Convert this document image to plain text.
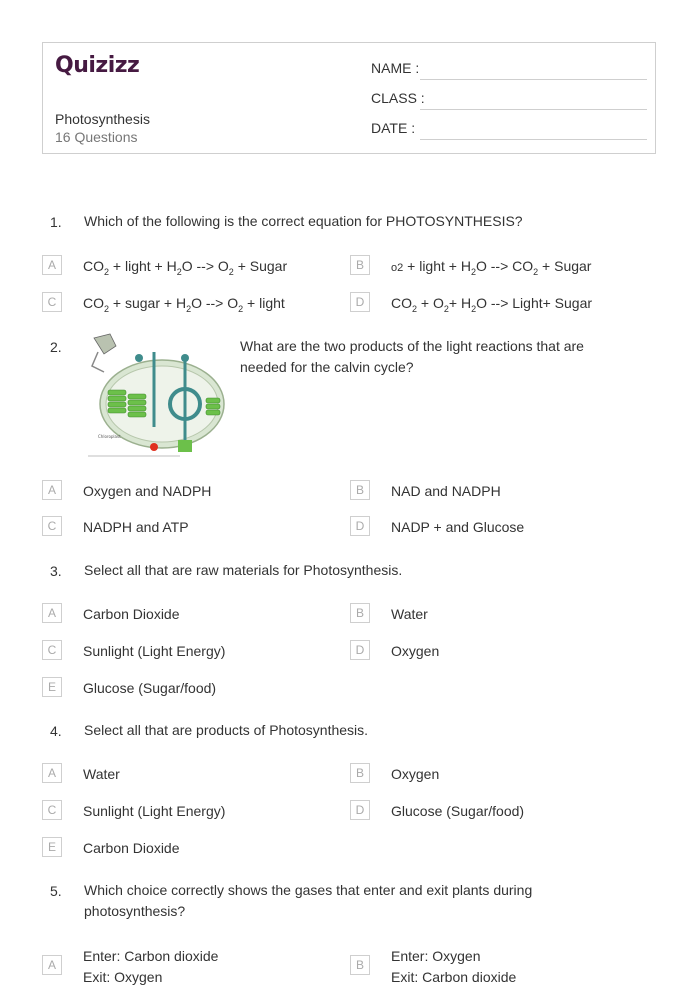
Quizizz
Photosynthesis
16 Questions
NAME :
CLASS :
DATE :
1. Which of the following is the correct equation for PHOTOSYNTHESIS?
A	$CO_2$ + light + $H_2O$ --> $O_2$ + Sugar	B	o2 + light + $H_2O$ --> $CO_2$ + Sugar
C	$CO_2$ + sugar + $H_2O$ --> $O_2$ + light	D	$CO_2 + O_2+ H_2O$ --> Light+ Sugar
2.
Chloroplast
What are the two products of the light reactions that are needed for the calvin cycle?
A	Oxygen and NADPH	B	NAD and NADPH
C	NADPH and ATP	D	NADP + and Glucose
3. Select all that are raw materials for Photosynthesis.
A	Carbon Dioxide	B	Water
C	Sunlight (Light Energy)	D	Oxygen
E	Glucose (Sugar/food)
4. Select all that are products of Photosynthesis.
A	Water	B	Oxygen
C	Sunlight (Light Energy)	D	Glucose (Sugar/food)
E	Carbon Dioxide
5. Which choice correctly shows the gases that enter and exit plants during photosynthesis?
A
Enter: Carbon dioxide
Exit: Oxygen
B
Enter: Oxygen
Exit: Carbon dioxide
